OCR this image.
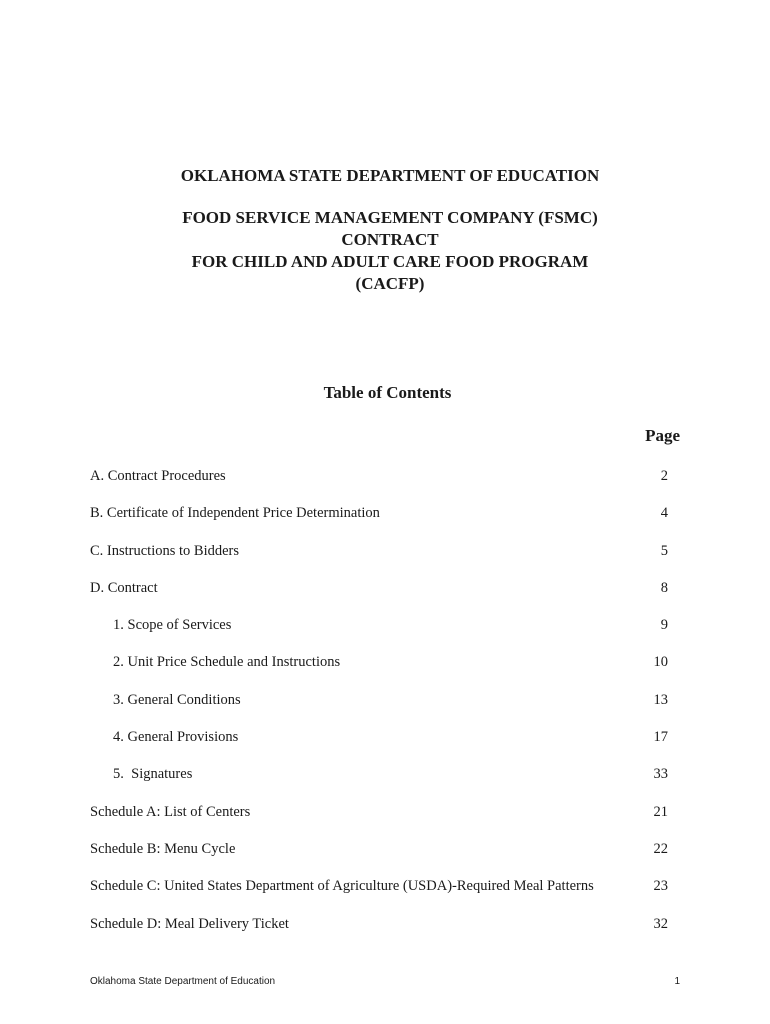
OKLAHOMA STATE DEPARTMENT OF EDUCATION
FOOD SERVICE MANAGEMENT COMPANY (FSMC)
CONTRACT
FOR CHILD AND ADULT CARE FOOD PROGRAM
(CACFP)
Table of Contents
Page
A. Contract Procedures	2
B. Certificate of Independent Price Determination	4
C. Instructions to Bidders	5
D. Contract	8
1. Scope of Services	9
2. Unit Price Schedule and Instructions	10
3. General Conditions	13
4. General Provisions	17
5.  Signatures	33
Schedule A: List of Centers	21
Schedule B: Menu Cycle	22
Schedule C: United States Department of Agriculture (USDA)-Required Meal Patterns	23
Schedule D: Meal Delivery Ticket	32
Oklahoma State Department of Education	1
